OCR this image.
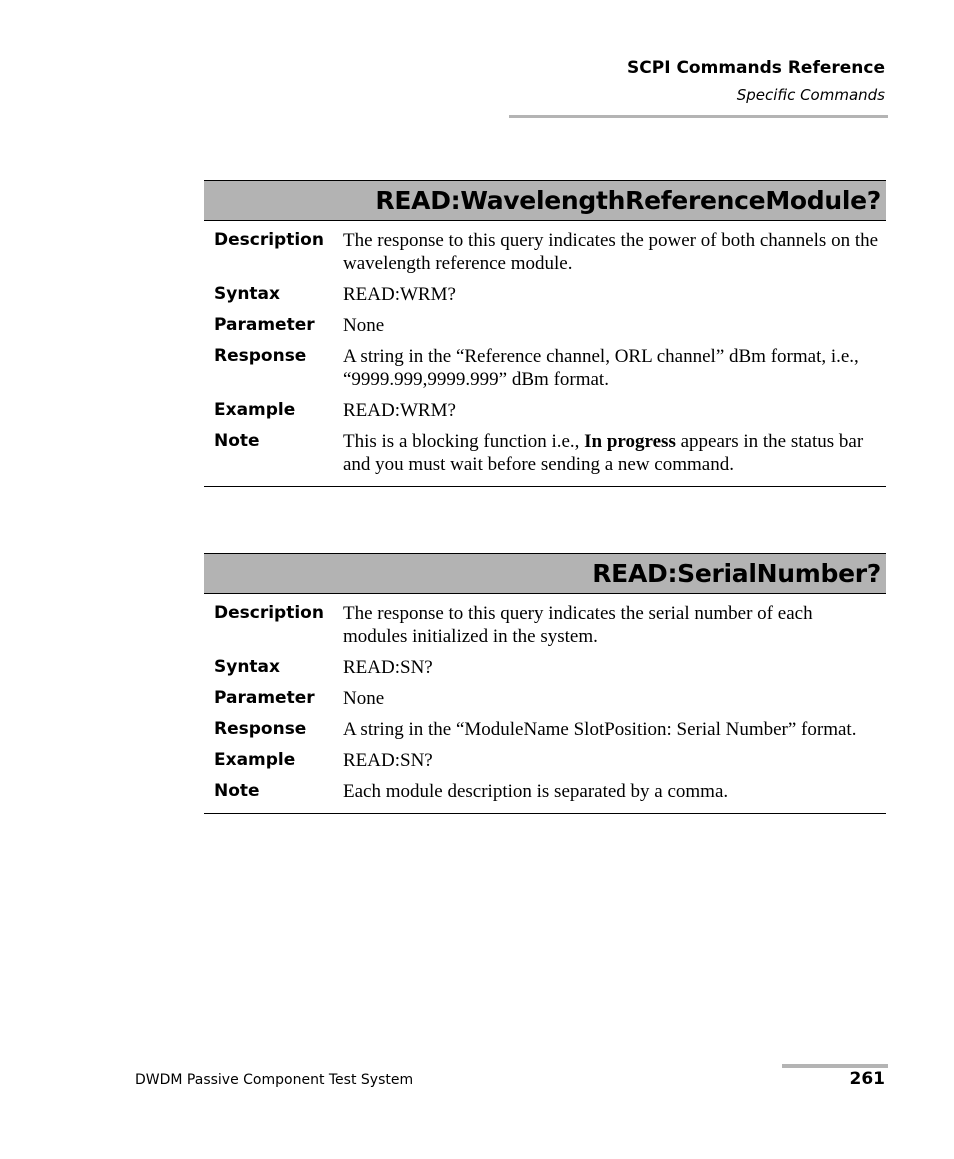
SCPI Commands Reference
Specific Commands
READ:WavelengthReferenceModule?
Description	The response to this query indicates the power of both channels on the wavelength reference module.
Syntax	READ:WRM?
Parameter	None
Response	A string in the “Reference channel, ORL channel” dBm format, i.e., “9999.999,9999.999” dBm format.
Example	READ:WRM?
Note	This is a blocking function i.e., In progress appears in the status bar and you must wait before sending a new command.
READ:SerialNumber?
Description	The response to this query indicates the serial number of each modules initialized in the system.
Syntax	READ:SN?
Parameter	None
Response	A string in the “ModuleName SlotPosition: Serial Number” format.
Example	READ:SN?
Note	Each module description is separated by a comma.
DWDM Passive Component Test System	261
